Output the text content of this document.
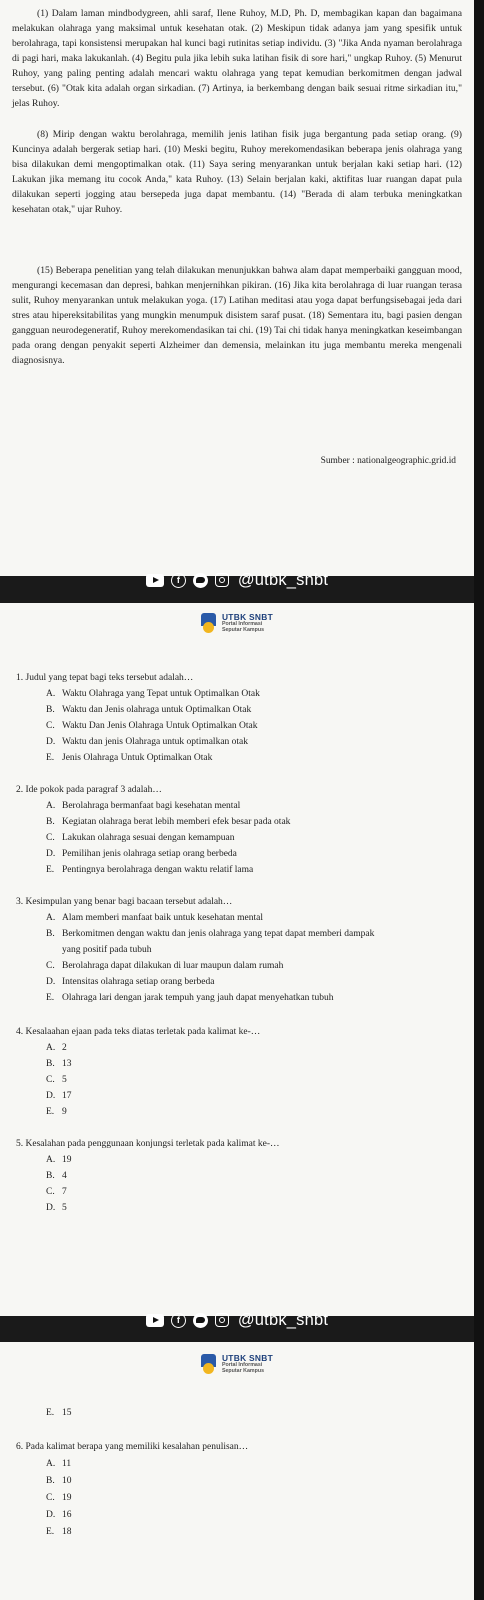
(1) Dalam laman mindbodygreen, ahli saraf, Ilene Ruhoy, M.D, Ph. D, membagikan kapan dan bagaimana melakukan olahraga yang maksimal untuk kesehatan otak. (2) Meskipun tidak adanya jam yang spesifik untuk berolahraga, tapi konsistensi merupakan hal kunci bagi rutinitas setiap individu. (3) "Jika Anda nyaman berolahraga di pagi hari, maka lakukanlah. (4) Begitu pula jika lebih suka latihan fisik di sore hari," ungkap Ruhoy. (5) Menurut Ruhoy, yang paling penting adalah mencari waktu olahraga yang tepat kemudian berkomitmen dengan jadwal tersebut. (6) "Otak kita adalah organ sirkadian. (7) Artinya, ia berkembang dengan baik sesuai ritme sirkadian itu," jelas Ruhoy.

(8) Mirip dengan waktu berolahraga, memilih jenis latihan fisik juga bergantung pada setiap orang. (9) Kuncinya adalah bergerak setiap hari. (10) Meski begitu, Ruhoy merekomendasikan beberapa jenis olahraga yang bisa dilakukan demi mengoptimalkan otak. (11) Saya sering menyarankan untuk berjalan kaki setiap hari. (12) Lakukan jika memang itu cocok Anda," kata Ruhoy. (13) Selain berjalan kaki, aktifitas luar ruangan dapat pula dilakukan seperti jogging atau bersepeda juga dapat membantu. (14) "Berada di alam terbuka meningkatkan kesehatan otak," ujar Ruhoy.

(15) Beberapa penelitian yang telah dilakukan menunjukkan bahwa alam dapat memperbaiki gangguan mood, mengurangi kecemasan dan depresi, bahkan menjernihkan pikiran. (16) Jika kita berolahraga di luar ruangan terasa sulit, Ruhoy menyarankan untuk melakukan yoga. (17) Latihan meditasi atau yoga dapat berfungsisebagai jeda dari stres atau hipereksitabilitas yang mungkin menumpuk disistem saraf pusat. (18) Sementara itu, bagi pasien dengan gangguan neurodegeneratif, Ruhoy merekomendasikan tai chi. (19) Tai chi tidak hanya meningkatkan keseimbangan pada orang dengan penyakit seperti Alzheimer dan demensia, melainkan itu juga membantu mereka mengenali diagnosisnya.

Sumber : nationalgeographic.grid.id
f	@utbk_snbt
UTBK SNBT
Portal Informasi
Seputar Kampus
1. Judul yang tepat bagi teks tersebut adalah…
A. Waktu Olahraga yang Tepat untuk Optimalkan Otak
B. Waktu dan Jenis olahraga untuk Optimalkan Otak
C. Waktu Dan Jenis Olahraga Untuk Optimalkan Otak
D. Waktu dan jenis Olahraga untuk optimalkan otak
E. Jenis Olahraga Untuk Optimalkan Otak
2. Ide pokok pada paragraf 3 adalah…
A. Berolahraga bermanfaat bagi kesehatan mental
B. Kegiatan olahraga berat lebih memberi efek besar pada otak
C. Lakukan olahraga sesuai dengan kemampuan
D. Pemilihan jenis olahraga setiap orang berbeda
E. Pentingnya berolahraga dengan waktu relatif lama
3. Kesimpulan yang benar bagi bacaan tersebut adalah…
A. Alam memberi manfaat baik untuk kesehatan mental
B. Berkomitmen dengan waktu dan jenis olahraga yang tepat dapat memberi dampak
yang positif pada tubuh
C. Berolahraga dapat dilakukan di luar maupun dalam rumah
D. Intensitas olahraga setiap orang berbeda
E. Olahraga lari dengan jarak tempuh yang jauh dapat menyehatkan tubuh
4. Kesalaahan ejaan pada teks diatas terletak pada kalimat ke-…
A. 2
B. 13
C. 5
D. 17
E. 9
5. Kesalahan pada penggunaan konjungsi terletak pada kalimat ke-…
A. 19
B. 4
C. 7
D. 5
f	@utbk_snbt
UTBK SNBT
Portal Informasi
Seputar Kampus
E. 15
6. Pada kalimat berapa yang memiliki kesalahan penulisan…
A. 11
B. 10
C. 19
D. 16
E. 18
